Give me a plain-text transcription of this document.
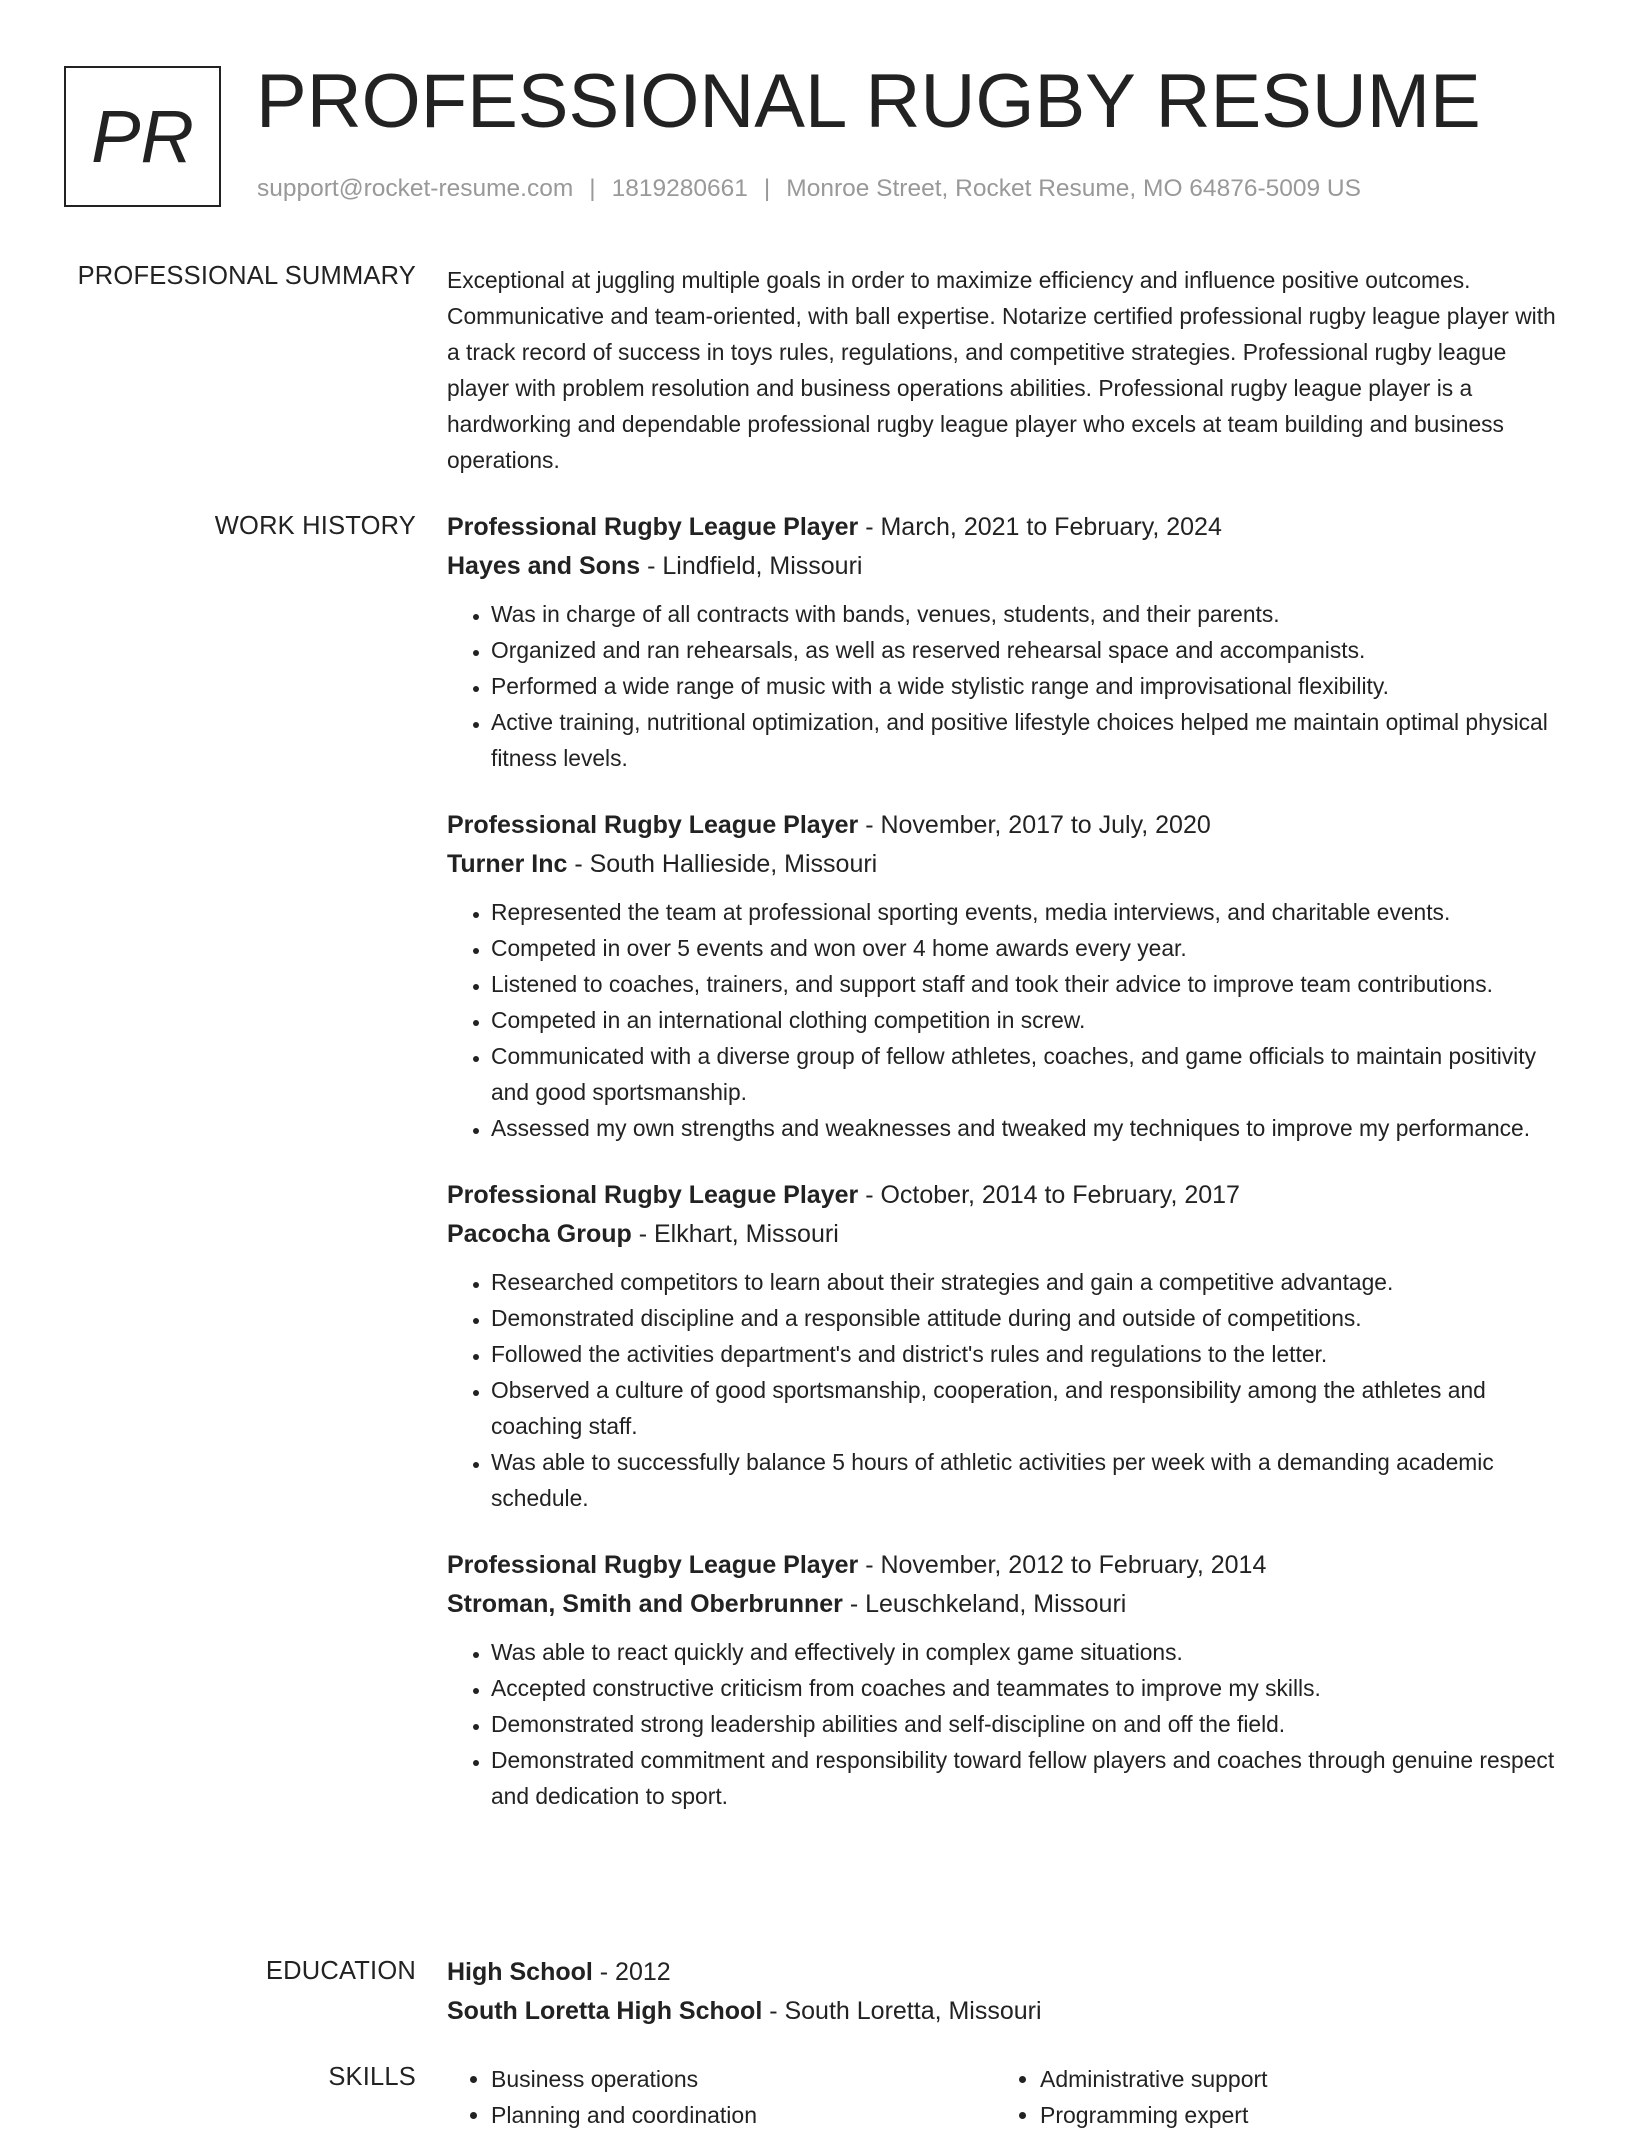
PR PROFESSIONAL RUGBY RESUME
support@rocket-resume.com | 1819280661 | Monroe Street, Rocket Resume, MO 64876-5009 US
PROFESSIONAL SUMMARY Exceptional at juggling multiple goals in order to maximize efficiency and influence positive outcomes. Communicative and team-oriented, with ball expertise. Notarize certified professional rugby league player with a track record of success in toys rules, regulations, and competitive strategies. Professional rugby league player with problem resolution and business operations abilities. Professional rugby league player is a hardworking and dependable professional rugby league player who excels at team building and business operations.

WORK HISTORY Professional Rugby League Player - March, 2021 to February, 2024
Hayes and Sons - Lindfield, Missouri
• Was in charge of all contracts with bands, venues, students, and their parents.
• Organized and ran rehearsals, as well as reserved rehearsal space and accompanists.
• Performed a wide range of music with a wide stylistic range and improvisational flexibility.
• Active training, nutritional optimization, and positive lifestyle choices helped me maintain optimal physical fitness levels.
Professional Rugby League Player - November, 2017 to July, 2020
Turner Inc - South Hallieside, Missouri
• Represented the team at professional sporting events, media interviews, and charitable events.
• Competed in over 5 events and won over 4 home awards every year.
• Listened to coaches, trainers, and support staff and took their advice to improve team contributions.
• Competed in an international clothing competition in screw.
• Communicated with a diverse group of fellow athletes, coaches, and game officials to maintain positivity and good sportsmanship.
• Assessed my own strengths and weaknesses and tweaked my techniques to improve my performance.
Professional Rugby League Player - October, 2014 to February, 2017
Pacocha Group - Elkhart, Missouri
• Researched competitors to learn about their strategies and gain a competitive advantage.
• Demonstrated discipline and a responsible attitude during and outside of competitions.
• Followed the activities department's and district's rules and regulations to the letter.
• Observed a culture of good sportsmanship, cooperation, and responsibility among the athletes and coaching staff.
• Was able to successfully balance 5 hours of athletic activities per week with a demanding academic schedule.
Professional Rugby League Player - November, 2012 to February, 2014
Stroman, Smith and Oberbrunner - Leuschkeland, Missouri
• Was able to react quickly and effectively in complex game situations.
• Accepted constructive criticism from coaches and teammates to improve my skills.
• Demonstrated strong leadership abilities and self-discipline on and off the field.
• Demonstrated commitment and responsibility toward fellow players and coaches through genuine respect and dedication to sport.
EDUCATION High School - 2012
South Loretta High School - South Loretta, Missouri
SKILLS
•	Business operations
• Planning and coordination
• Administrative support
• Programming expert
